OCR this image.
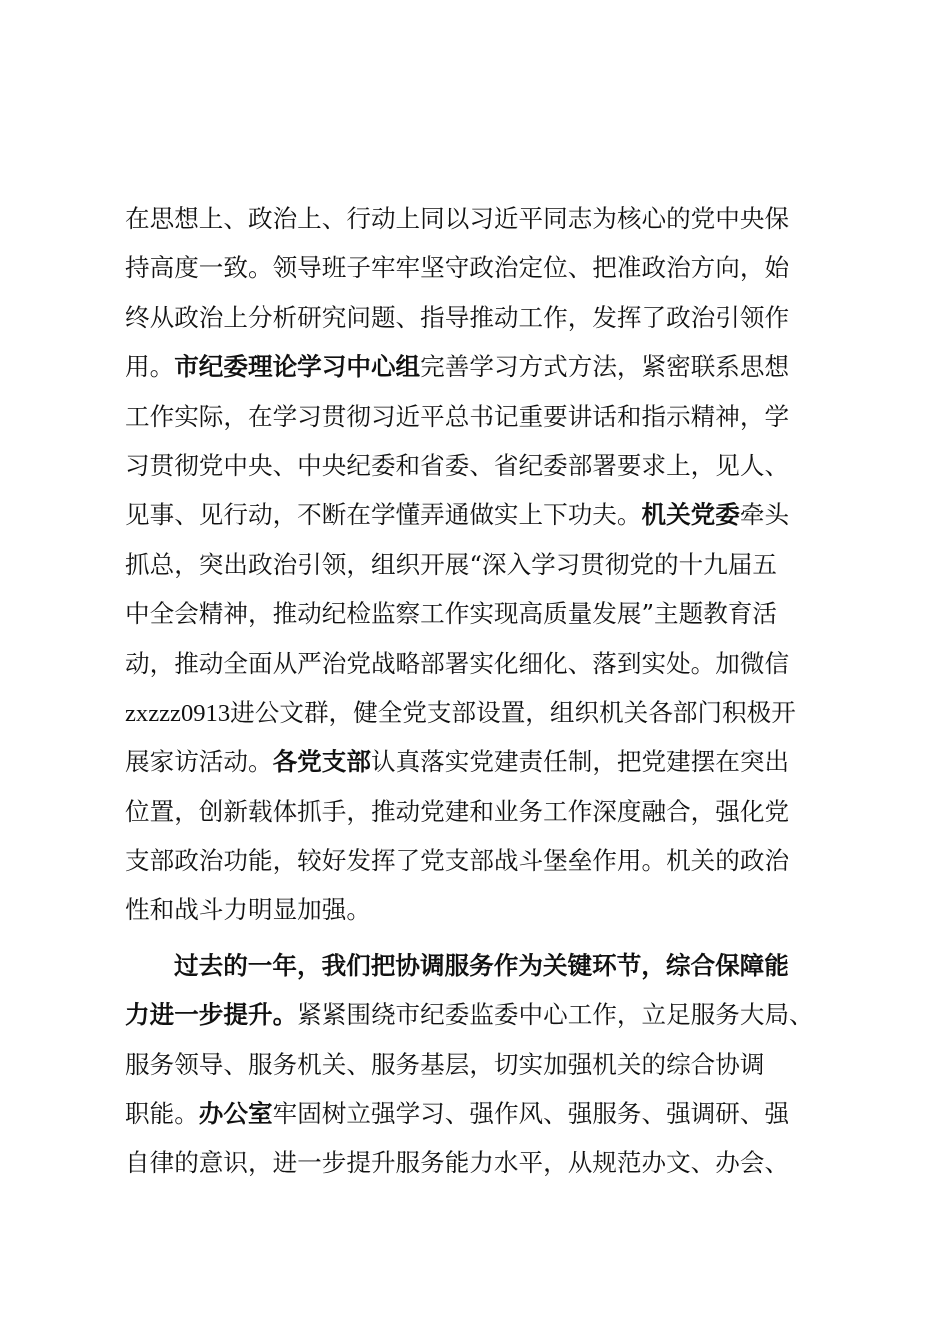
在思想上、政治上、行动上同以习近平同志为核心的党中央保
持高度一致。领导班子牢牢坚守政治定位、把准政治方向，始
终从政治上分析研究问题、指导推动工作，发挥了政治引领作
用。市纪委理论学习中心组完善学习方式方法，紧密联系思想
工作实际，在学习贯彻习近平总书记重要讲话和指示精神，学
习贯彻党中央、中央纪委和省委、省纪委部署要求上，见人、
见事、见行动，不断在学懂弄通做实上下功夫。机关党委牵头
抓总，突出政治引领，组织开展“深入学习贯彻党的十九届五
中全会精神，推动纪检监察工作实现高质量发展”主题教育活
动，推动全面从严治党战略部署实化细化、落到实处。加微信
zxzzz0913进公文群，健全党支部设置，组织机关各部门积极开
展家访活动。各党支部认真落实党建责任制，把党建摆在突出
位置，创新载体抓手，推动党建和业务工作深度融合，强化党
支部政治功能，较好发挥了党支部战斗堡垒作用。机关的政治
性和战斗力明显加强。
过去的一年，我们把协调服务作为关键环节，综合保障能
力进一步提升。紧紧围绕市纪委监委中心工作，立足服务大局、
服务领导、服务机关、服务基层，切实加强机关的综合协调
职能。办公室牢固树立强学习、强作风、强服务、强调研、强
自律的意识，进一步提升服务能力水平，从规范办文、办会、
